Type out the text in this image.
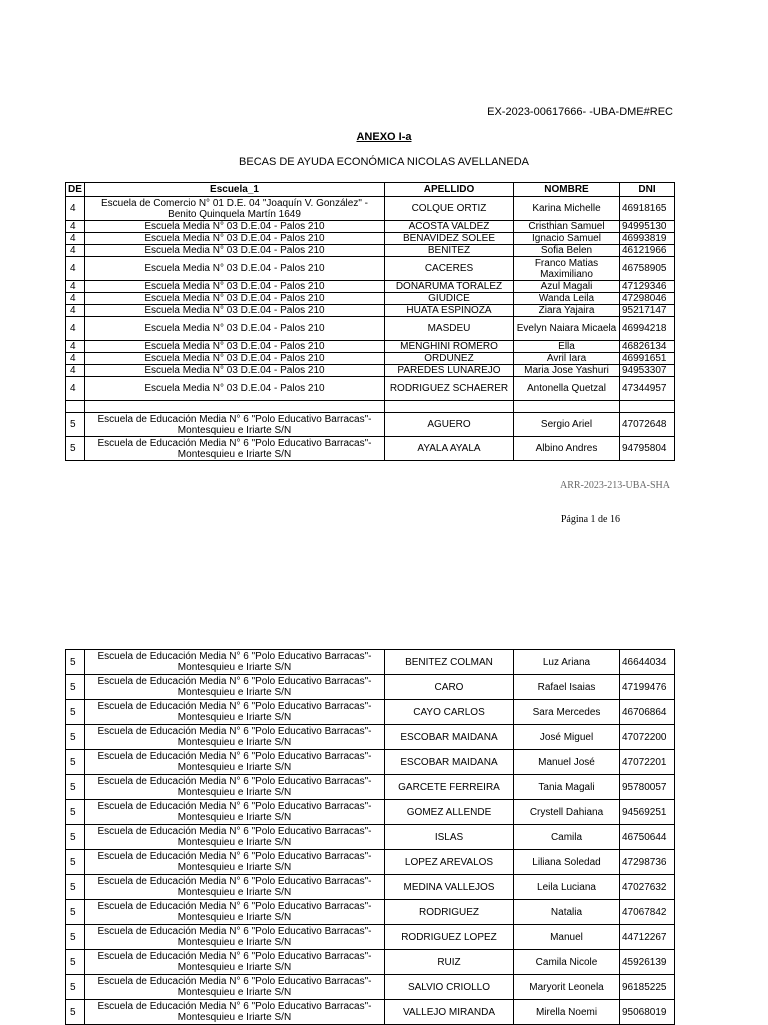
EX-2023-00617666- -UBA-DME#REC
ANEXO I-a
BECAS DE AYUDA ECONÓMICA NICOLAS AVELLANEDA
DE	Escuela_1	APELLIDO	NOMBRE	DNI
4	Escuela de Comercio N° 01 D.E. 04 "Joaquín V. González" - Benito Quinquela Martín 1649	COLQUE ORTIZ	Karina Michelle	46918165
4	Escuela Media N° 03 D.E.04 - Palos 210	ACOSTA VALDEZ	Cristhian Samuel	94995130
4	Escuela Media N° 03 D.E.04 - Palos 210	BENAVIDEZ SOLEE	Ignacio Samuel	46993819
4	Escuela Media N° 03 D.E.04 - Palos 210	BENITEZ	Sofia Belen	46121966
4	Escuela Media N° 03 D.E.04 - Palos 210	CACERES	Franco Matias Maximiliano	46758905
4	Escuela Media N° 03 D.E.04 - Palos 210	DONARUMA TORALEZ	Azul Magali	47129346
4	Escuela Media N° 03 D.E.04 - Palos 210	GIUDICE	Wanda Leila	47298046
4	Escuela Media N° 03 D.E.04 - Palos 210	HUATA ESPINOZA	Ziara Yajaira	95217147
4	Escuela Media N° 03 D.E.04 - Palos 210	MASDEU	Evelyn Naiara Micaela	46994218
4	Escuela Media N° 03 D.E.04 - Palos 210	MENGHINI ROMERO	Ella	46826134
4	Escuela Media N° 03 D.E.04 - Palos 210	ORDUÑEZ	Avril Iara	46991651
4	Escuela Media N° 03 D.E.04 - Palos 210	PAREDES LUNAREJO	Maria Jose Yashuri	94953307
4	Escuela Media N° 03 D.E.04 - Palos 210	RODRIGUEZ SCHAERER	Antonella Quetzal	47344957

5	Escuela de Educación Media N° 6 "Polo Educativo Barracas"- Montesquieu e Iriarte S/N	AGUERO	Sergio Ariel	47072648
5	Escuela de Educación Media N° 6 "Polo Educativo Barracas"- Montesquieu e Iriarte S/N	AYALA AYALA	Albino Andres	94795804
ARR-2023-213-UBA-SHA
Página 1 de 16
5	Escuela de Educación Media N° 6 "Polo Educativo Barracas"- Montesquieu e Iriarte S/N	BENITEZ COLMAN	Luz Ariana	46644034
5	Escuela de Educación Media N° 6 "Polo Educativo Barracas"- Montesquieu e Iriarte S/N	CARO	Rafael Isaias	47199476
5	Escuela de Educación Media N° 6 "Polo Educativo Barracas"- Montesquieu e Iriarte S/N	CAYO CARLOS	Sara Mercedes	46706864
5	Escuela de Educación Media N° 6 "Polo Educativo Barracas"- Montesquieu e Iriarte S/N	ESCOBAR MAIDANA	José Miguel	47072200
5	Escuela de Educación Media N° 6 "Polo Educativo Barracas"- Montesquieu e Iriarte S/N	ESCOBAR MAIDANA	Manuel José	47072201
5	Escuela de Educación Media N° 6 "Polo Educativo Barracas"- Montesquieu e Iriarte S/N	GARCETE FERREIRA	Tania Magali	95780057
5	Escuela de Educación Media N° 6 "Polo Educativo Barracas"- Montesquieu e Iriarte S/N	GOMEZ ALLENDE	Crystell Dahiana	94569251
5	Escuela de Educación Media N° 6 "Polo Educativo Barracas"- Montesquieu e Iriarte S/N	ISLAS	Camila	46750644
5	Escuela de Educación Media N° 6 "Polo Educativo Barracas"- Montesquieu e Iriarte S/N	LOPEZ AREVALOS	Liliana Soledad	47298736
5	Escuela de Educación Media N° 6 "Polo Educativo Barracas"- Montesquieu e Iriarte S/N	MEDINA VALLEJOS	Leila Luciana	47027632
5	Escuela de Educación Media N° 6 "Polo Educativo Barracas"- Montesquieu e Iriarte S/N	RODRIGUEZ	Natalia	47067842
5	Escuela de Educación Media N° 6 "Polo Educativo Barracas"- Montesquieu e Iriarte S/N	RODRIGUEZ LOPEZ	Manuel	44712267
5	Escuela de Educación Media N° 6 "Polo Educativo Barracas"- Montesquieu e Iriarte S/N	RUIZ	Camila Nicole	45926139
5	Escuela de Educación Media N° 6 "Polo Educativo Barracas"- Montesquieu e Iriarte S/N	SALVIO CRIOLLO	Maryorit Leonela	96185225
5	Escuela de Educación Media N° 6 "Polo Educativo Barracas"- Montesquieu e Iriarte S/N	VALLEJO MIRANDA	Mirella Noemi	95068019
